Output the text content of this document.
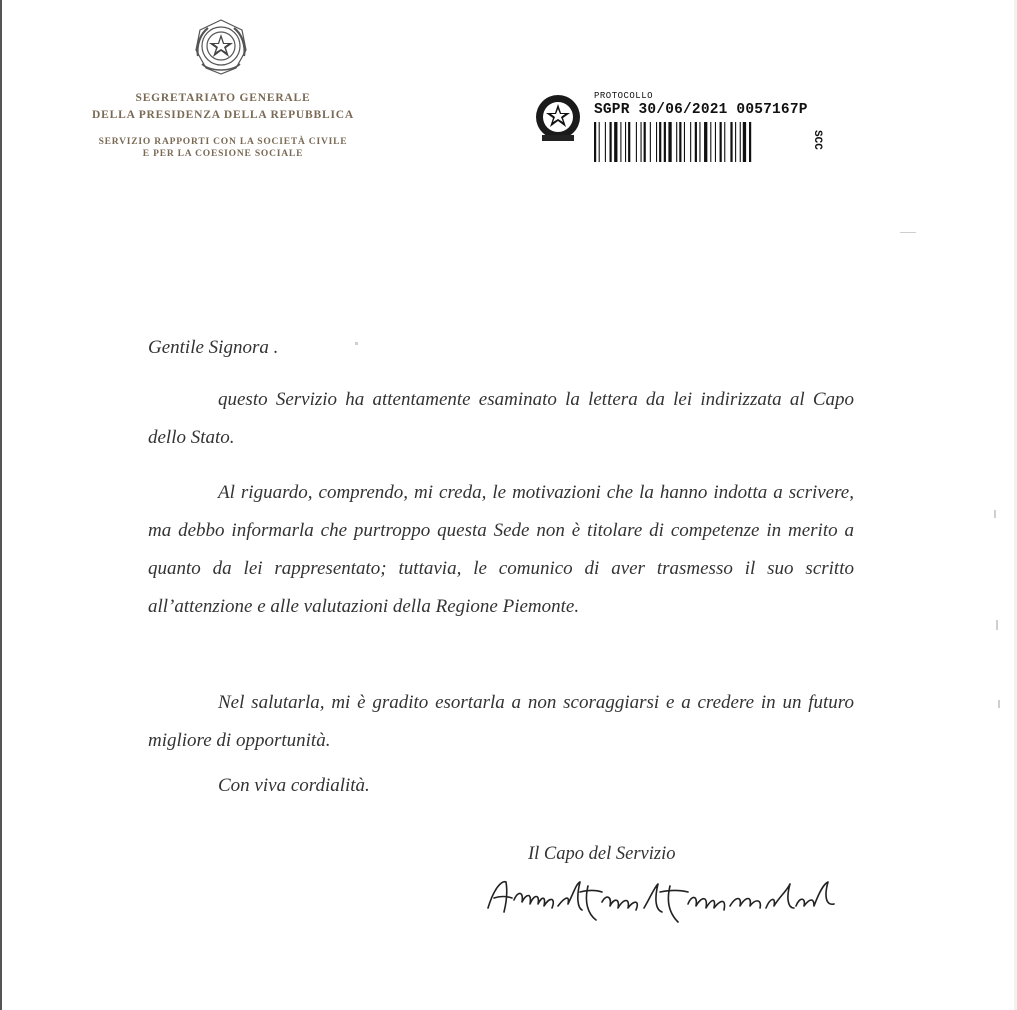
SEGRETARIATO GENERALE
DELLA PRESIDENZA DELLA REPUBBLICA
SERVIZIO RAPPORTI CON LA SOCIETÀ CIVILE
E PER LA COESIONE SOCIALE
PROTOCOLLO
SGPR 30/06/2021 0057167P
SCC
Gentile Signora .

questo Servizio ha attentamente esaminato la lettera da lei indirizzata al Capo dello Stato.

Al riguardo, comprendo, mi creda, le motivazioni che la hanno indotta a scrivere, ma debbo informarla che purtroppo questa Sede non è titolare di competenze in merito a quanto da lei rappresentato; tuttavia, le comunico di aver trasmesso il suo scritto all’attenzione e alle valutazioni della Regione Piemonte.

Nel salutarla, mi è gradito esortarla a non scoraggiarsi e a credere in un futuro migliore di opportunità.

Con viva cordialità.
Il Capo del Servizio
